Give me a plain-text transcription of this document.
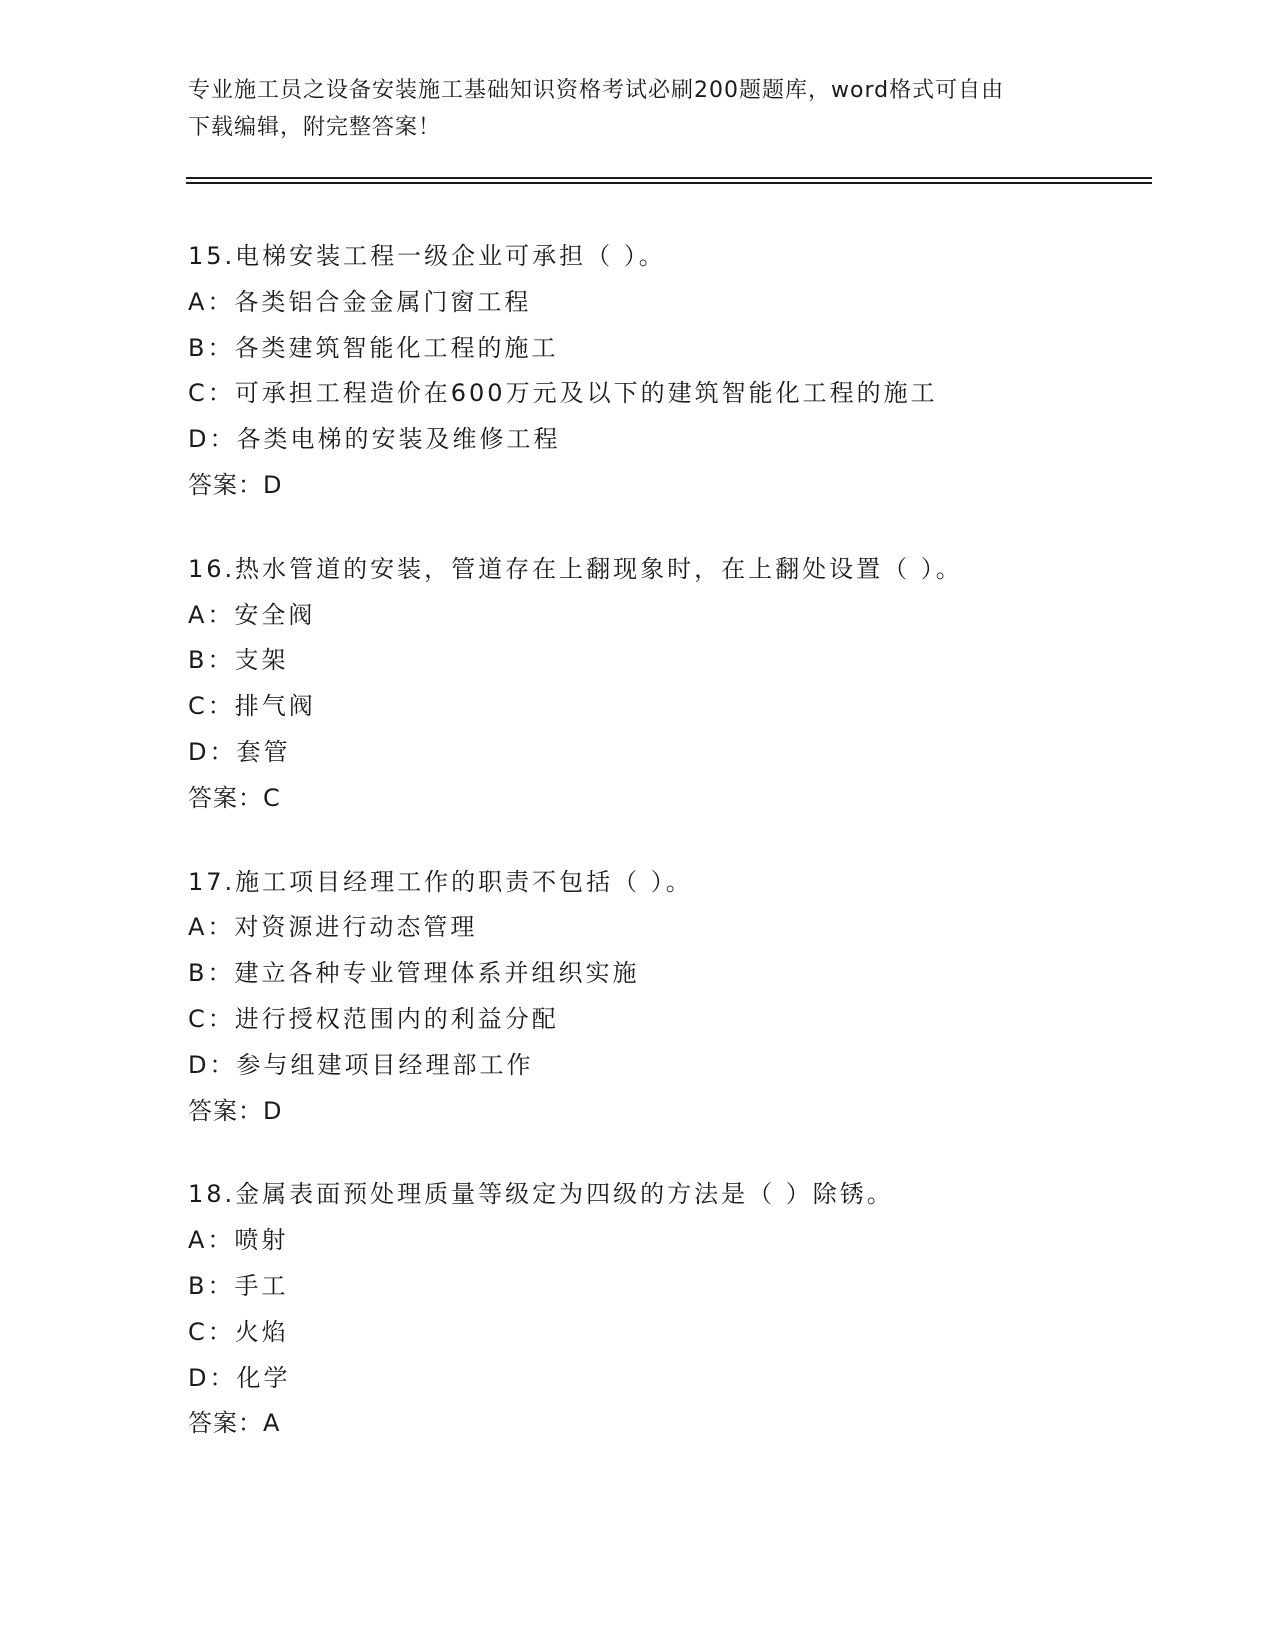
专业施工员之设备安装施工基础知识资格考试必刷200题题库，word格式可自由
下载编辑，附完整答案！
15.电梯安装工程一级企业可承担（ ）。
A：各类铝合金金属门窗工程
B：各类建筑智能化工程的施工
C：可承担工程造价在600万元及以下的建筑智能化工程的施工
D：各类电梯的安装及维修工程
答案：D
16.热水管道的安装，管道存在上翻现象时，在上翻处设置（ ）。
A：安全阀
B：支架
C：排气阀
D：套管
答案：C
17.施工项目经理工作的职责不包括（ ）。
A：对资源进行动态管理
B：建立各种专业管理体系并组织实施
C：进行授权范围内的利益分配
D：参与组建项目经理部工作
答案：D
18.金属表面预处理质量等级定为四级的方法是（ ）除锈。
A：喷射
B：手工
C：火焰
D：化学
答案：A
